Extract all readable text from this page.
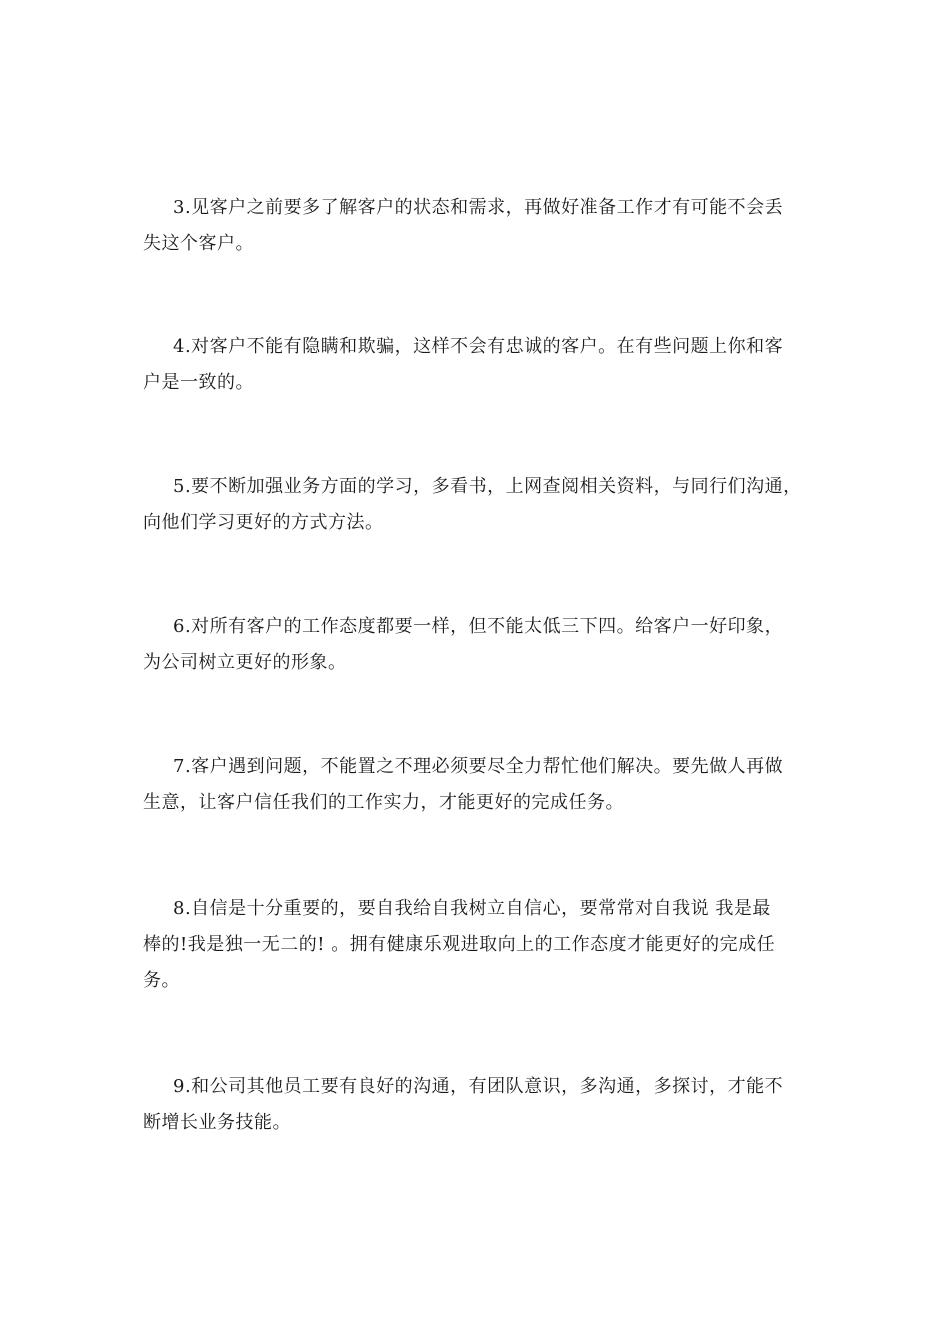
3.见客户之前要多了解客户的状态和需求，再做好准备工作才有可能不会丢
失这个客户。

4.对客户不能有隐瞒和欺骗，这样不会有忠诚的客户。在有些问题上你和客
户是一致的。

5.要不断加强业务方面的学习，多看书，上网查阅相关资料，与同行们沟通，
向他们学习更好的方式方法。

6.对所有客户的工作态度都要一样，但不能太低三下四。给客户一好印象，
为公司树立更好的形象。

7.客户遇到问题，不能置之不理必须要尽全力帮忙他们解决。要先做人再做
生意，让客户信任我们的工作实力，才能更好的完成任务。

8.自信是十分重要的，要自我给自我树立自信心，要常常对自我说 我是最
棒的!我是独一无二的! 。拥有健康乐观进取向上的工作态度才能更好的完成任
务。

9.和公司其他员工要有良好的沟通，有团队意识，多沟通，多探讨，才能不
断增长业务技能。
